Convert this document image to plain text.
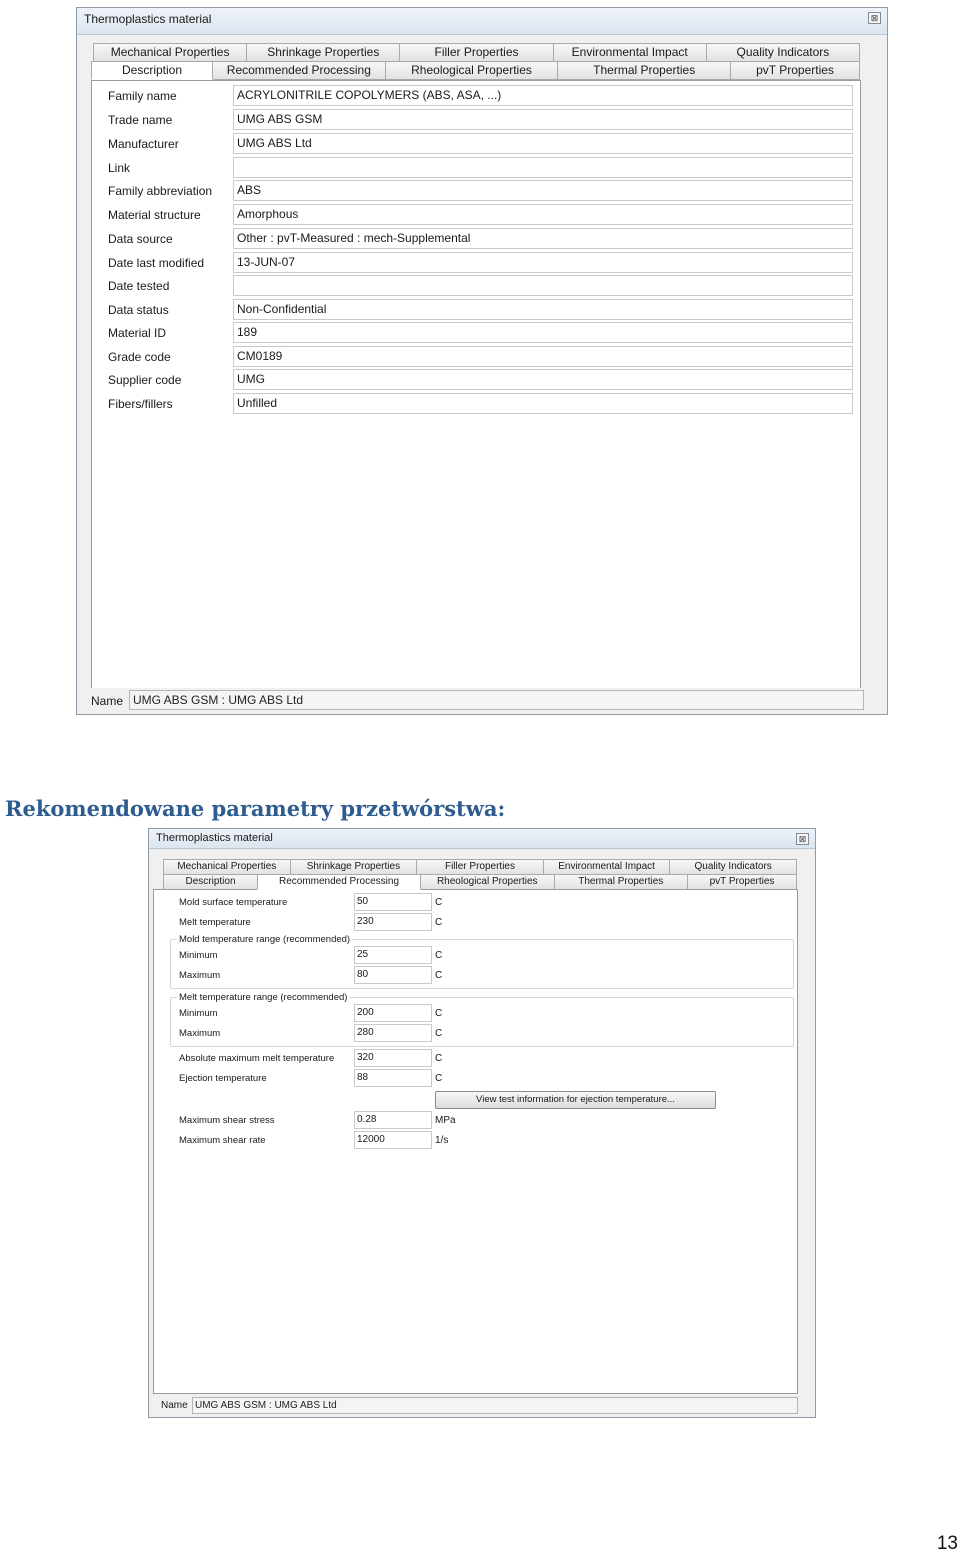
Thermoplastics material	⊠
Mechanical Properties	Shrinkage Properties	Filler Properties	Environmental Impact	Quality Indicators
Description	Recommended Processing	Rheological Properties	Thermal Properties	pvT Properties
Family name	ACRYLONITRILE COPOLYMERS (ABS, ASA, ...)
Trade name	UMG ABS GSM
Manufacturer	UMG ABS Ltd
Link
Family abbreviation	ABS
Material structure	Amorphous
Data source	Other : pvT-Measured : mech-Supplemental
Date last modified	13-JUN-07
Date tested
Data status	Non-Confidential
Material ID	189
Grade code	CM0189
Supplier code	UMG
Fibers/fillers	Unfilled
Name UMG ABS GSM : UMG ABS Ltd
Rekomendowane parametry przetwórstwa:
Thermoplastics material	⊠
Mechanical Properties	Shrinkage Properties	Filler Properties	Environmental Impact	Quality Indicators
Description	Recommended Processing	Rheological Properties	Thermal Properties	pvT Properties
Mold surface temperature	50	C
Melt temperature	230	C
Mold temperature range (recommended)
Minimum	25	C
Maximum	80	C
Melt temperature range (recommended)
Minimum	200	C
Maximum	280	C
Absolute maximum melt temperature	320	C
Ejection temperature	88	C
View test information for ejection temperature...
Maximum shear stress	0.28	MPa
Maximum shear rate	12000	1/s
Name UMG ABS GSM : UMG ABS Ltd
13
